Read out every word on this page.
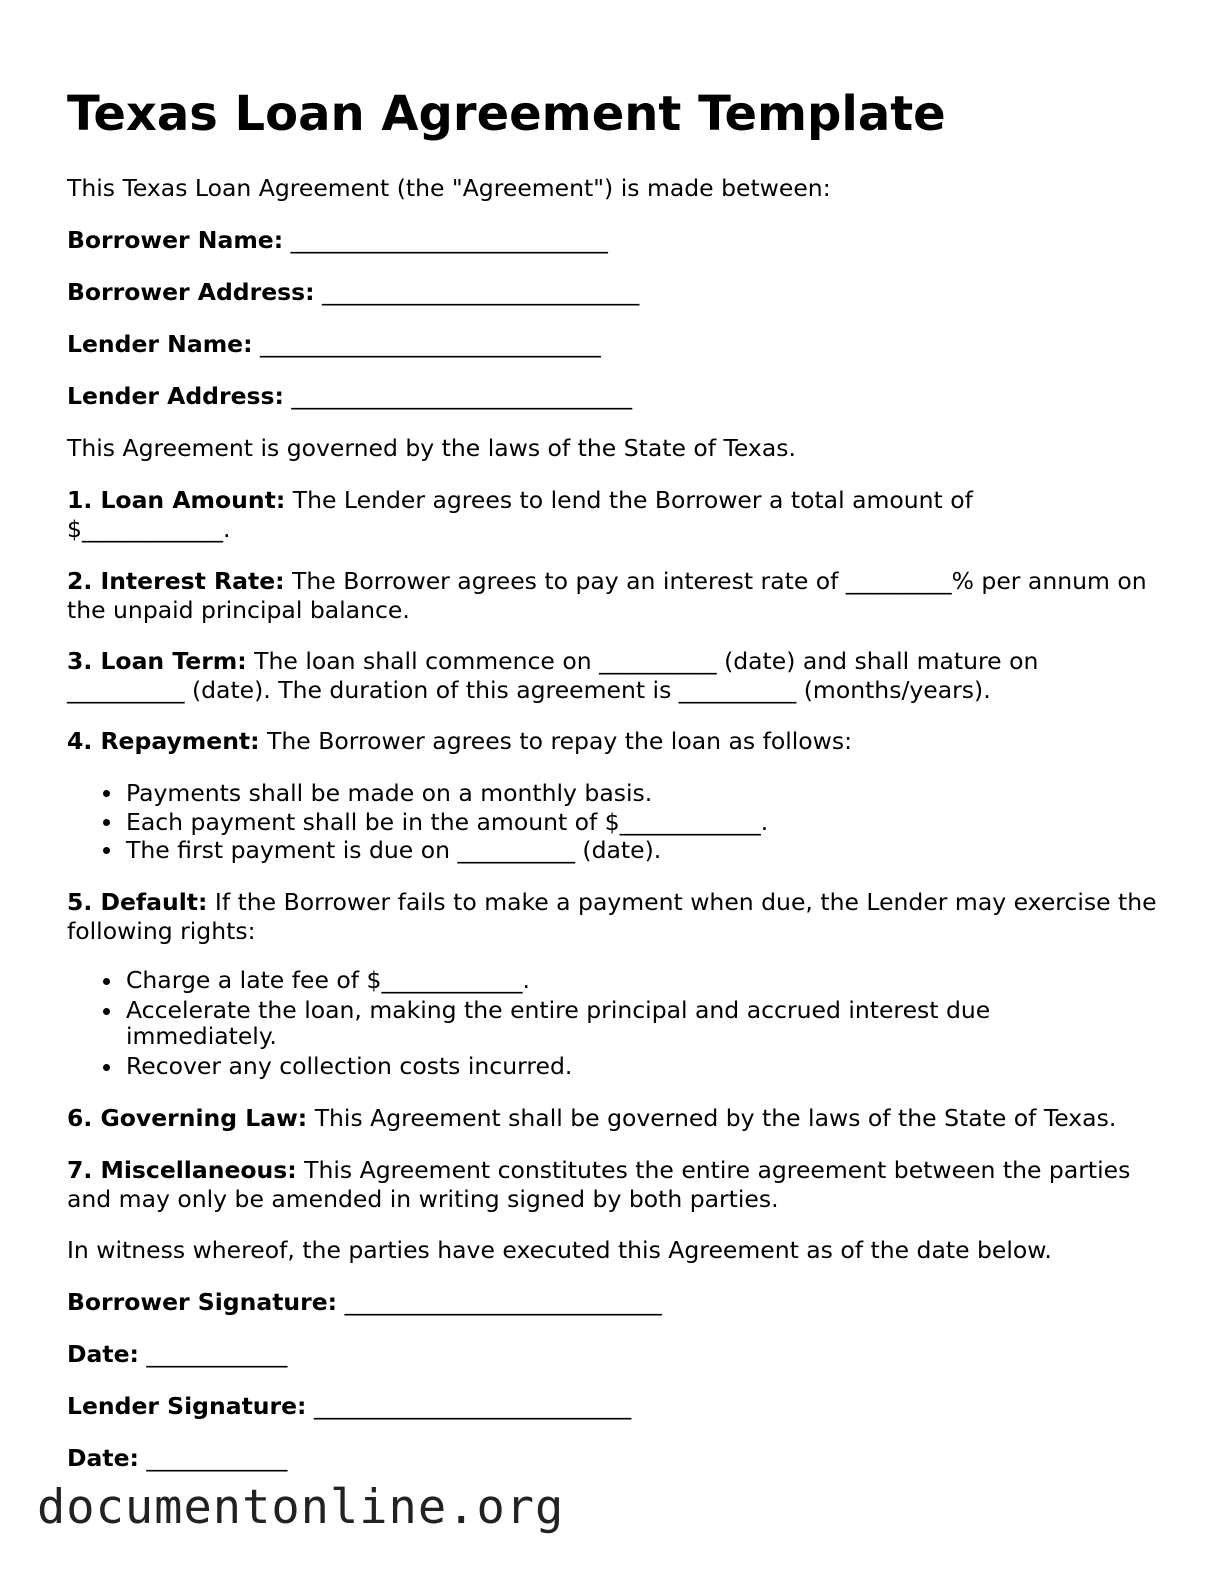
Texas Loan Agreement Template

This Texas Loan Agreement (the "Agreement") is made between:

Borrower Name: ___________________________

Borrower Address: ___________________________

Lender Name: _____________________________

Lender Address: _____________________________

This Agreement is governed by the laws of the State of Texas.

1. Loan Amount: The Lender agrees to lend the Borrower a total amount of $____________.

2. Interest Rate: The Borrower agrees to pay an interest rate of _________% per annum on the unpaid principal balance.

3. Loan Term: The loan shall commence on __________ (date) and shall mature on __________ (date). The duration of this agreement is __________ (months/years).

4. Repayment: The Borrower agrees to repay the loan as follows:

Payments shall be made on a monthly basis.
Each payment shall be in the amount of $____________.
The first payment is due on __________ (date).

5. Default: If the Borrower fails to make a payment when due, the Lender may exercise the following rights:

Charge a late fee of $____________.
Accelerate the loan, making the entire principal and accrued interest due immediately.
Recover any collection costs incurred.

6. Governing Law: This Agreement shall be governed by the laws of the State of Texas.

7. Miscellaneous: This Agreement constitutes the entire agreement between the parties and may only be amended in writing signed by both parties.

In witness whereof, the parties have executed this Agreement as of the date below.

Borrower Signature: ___________________________

Date: ____________

Lender Signature: ___________________________

Date: ____________

documentonline.org
